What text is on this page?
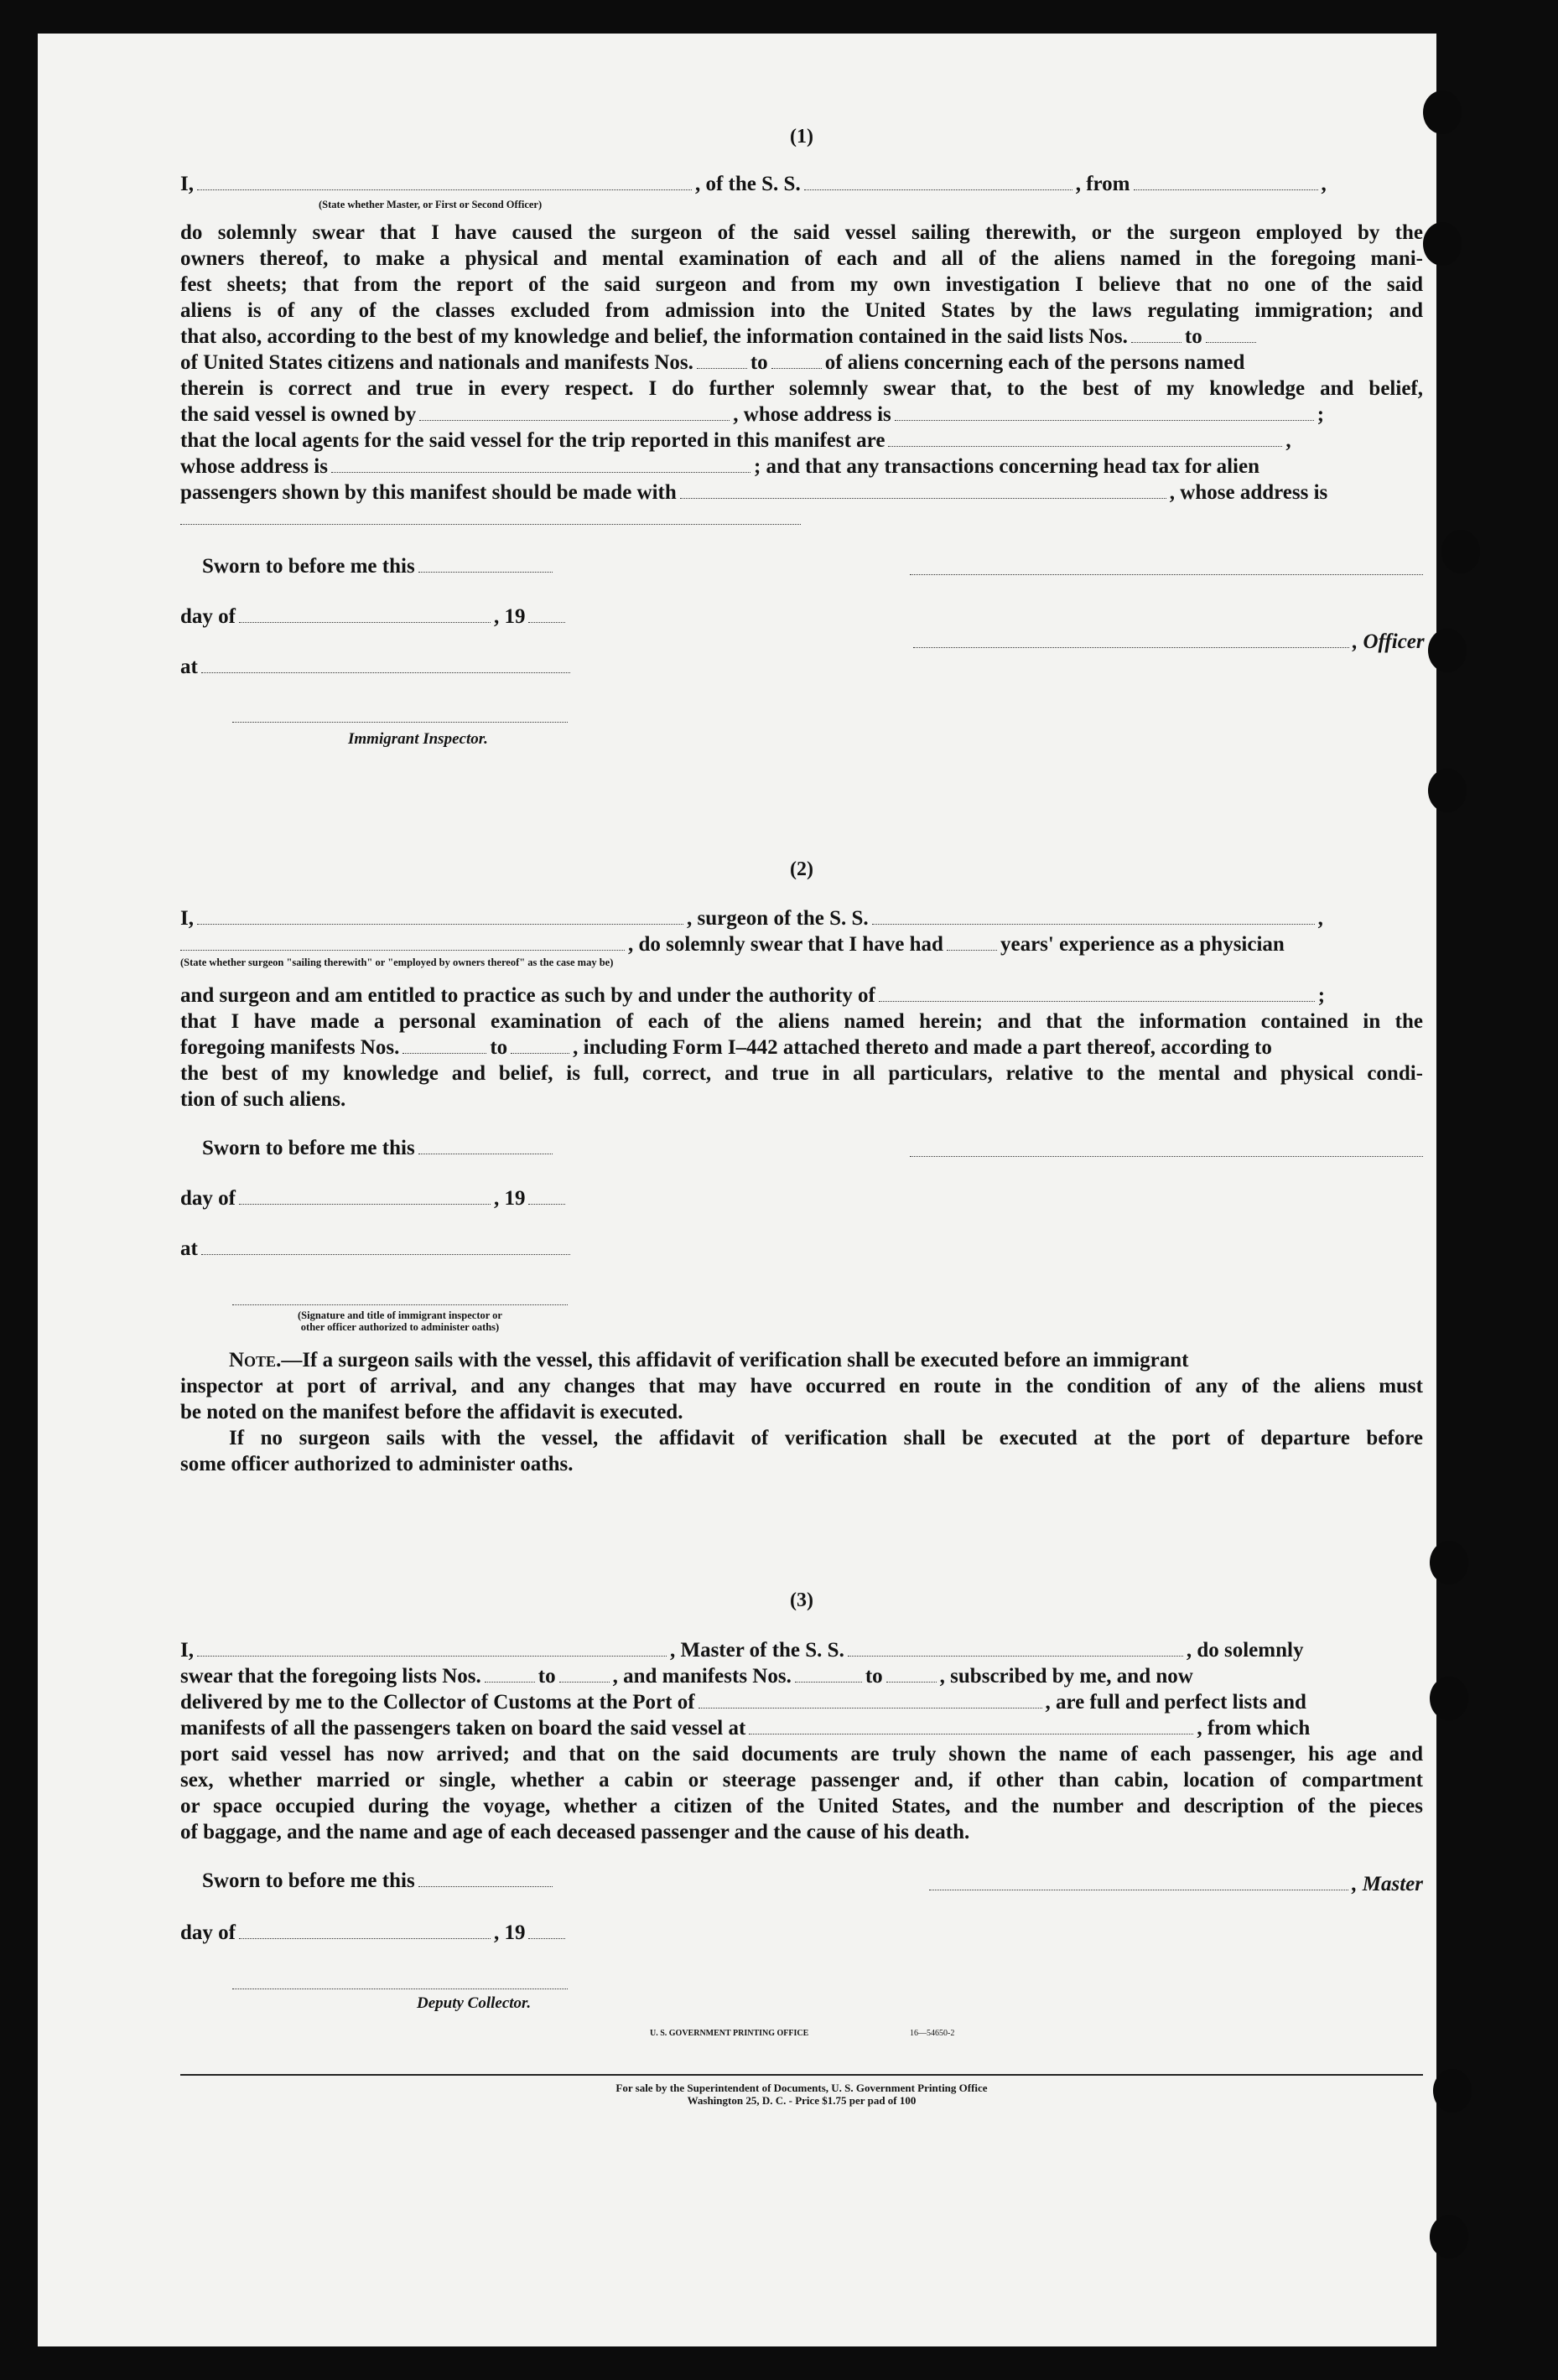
(1)
I,	, of the S. S.	, from	,
(State whether Master, or First or Second Officer)
do solemnly swear that I have caused the surgeon of the said vessel sailing therewith, or the surgeon employed by the
owners thereof, to make a physical and mental examination of each and all of the aliens named in the foregoing mani-
fest sheets; that from the report of the said surgeon and from my own investigation I believe that no one of the said
aliens is of any of the classes excluded from admission into the United States by the laws regulating immigration; and
that also, according to the best of my knowledge and belief, the information contained in the said lists Nos.	to
of United States citizens and nationals and manifests Nos.	to	of aliens concerning each of the persons named
therein is correct and true in every respect. I do further solemnly swear that, to the best of my knowledge and belief,
the said vessel is owned by	, whose address is	;
that the local agents for the said vessel for the trip reported in this manifest are	,
whose address is	; and that any transactions concerning head tax for alien
passengers shown by this manifest should be made with	, whose address is
Sworn to before me this
day of	, 19
, Officer
at
Immigrant Inspector.
(2)
I,	, surgeon of the S. S.	,
, do solemnly swear that I have had	years' experience as a physician
(State whether surgeon "sailing therewith" or "employed by owners thereof" as the case may be)
and surgeon and am entitled to practice as such by and under the authority of	;
that I have made a personal examination of each of the aliens named herein; and that the information contained in the
foregoing manifests Nos.	to	, including Form I–442 attached thereto and made a part thereof, according to
the best of my knowledge and belief, is full, correct, and true in all particulars, relative to the mental and physical condi-
tion of such aliens.
Sworn to before me this
day of	, 19
at
(Signature and title of immigrant inspector or
other officer authorized to administer oaths)
Note.—If a surgeon sails with the vessel, this affidavit of verification shall be executed before an immigrant
inspector at port of arrival, and any changes that may have occurred en route in the condition of any of the aliens must
be noted on the manifest before the affidavit is executed.
If no surgeon sails with the vessel, the affidavit of verification shall be executed at the port of departure before
some officer authorized to administer oaths.
(3)
I,	, Master of the S. S.	, do solemnly
swear that the foregoing lists Nos.	to	, and manifests Nos.	to	, subscribed by me, and now
delivered by me to the Collector of Customs at the Port of	, are full and perfect lists and
manifests of all the passengers taken on board the said vessel at	, from which
port said vessel has now arrived; and that on the said documents are truly shown the name of each passenger, his age and
sex, whether married or single, whether a cabin or steerage passenger and, if other than cabin, location of compartment
or space occupied during the voyage, whether a citizen of the United States, and the number and description of the pieces
of baggage, and the name and age of each deceased passenger and the cause of his death.
Sworn to before me this	, Master
day of	, 19
Deputy Collector.
U. S. GOVERNMENT PRINTING OFFICE	16—54650-2
For sale by the Superintendent of Documents, U. S. Government Printing Office
Washington 25, D. C. - Price $1.75 per pad of 100
